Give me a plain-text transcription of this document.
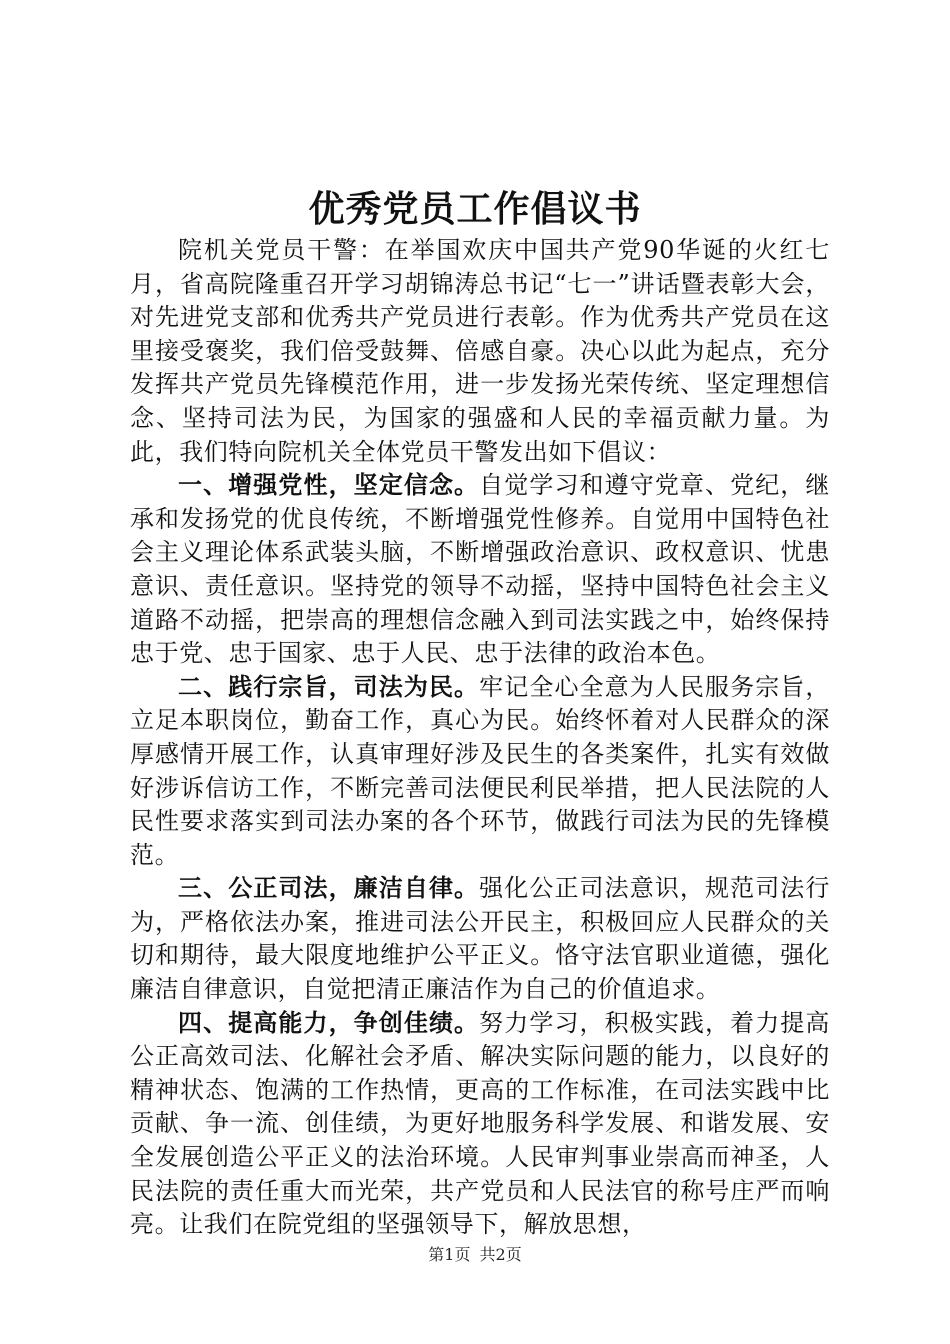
优秀党员工作倡议书

院机关党员干警：在举国欢庆中国共产党90华诞的火红七月，省高院隆重召开学习胡锦涛总书记“七一”讲话暨表彰大会，对先进党支部和优秀共产党员进行表彰。作为优秀共产党员在这里接受褒奖，我们倍受鼓舞、倍感自豪。决心以此为起点，充分发挥共产党员先锋模范作用，进一步发扬光荣传统、坚定理想信念、坚持司法为民，为国家的强盛和人民的幸福贡献力量。为此，我们特向院机关全体党员干警发出如下倡议：

一、增强党性，坚定信念。自觉学习和遵守党章、党纪，继承和发扬党的优良传统，不断增强党性修养。自觉用中国特色社会主义理论体系武装头脑，不断增强政治意识、政权意识、忧患意识、责任意识。坚持党的领导不动摇，坚持中国特色社会主义道路不动摇，把崇高的理想信念融入到司法实践之中，始终保持忠于党、忠于国家、忠于人民、忠于法律的政治本色。

二、践行宗旨，司法为民。牢记全心全意为人民服务宗旨，立足本职岗位，勤奋工作，真心为民。始终怀着对人民群众的深厚感情开展工作，认真审理好涉及民生的各类案件，扎实有效做好涉诉信访工作，不断完善司法便民利民举措，把人民法院的人民性要求落实到司法办案的各个环节，做践行司法为民的先锋模范。

三、公正司法，廉洁自律。强化公正司法意识，规范司法行为，严格依法办案，推进司法公开民主，积极回应人民群众的关切和期待，最大限度地维护公平正义。恪守法官职业道德，强化廉洁自律意识，自觉把清正廉洁作为自己的价值追求。

四、提高能力，争创佳绩。努力学习，积极实践，着力提高公正高效司法、化解社会矛盾、解决实际问题的能力，以良好的精神状态、饱满的工作热情，更高的工作标准，在司法实践中比贡献、争一流、创佳绩，为更好地服务科学发展、和谐发展、安全发展创造公平正义的法治环境。人民审判事业崇高而神圣，人民法院的责任重大而光荣，共产党员和人民法官的称号庄严而响亮。让我们在院党组的坚强领导下，解放思想，

第1页 共2页
